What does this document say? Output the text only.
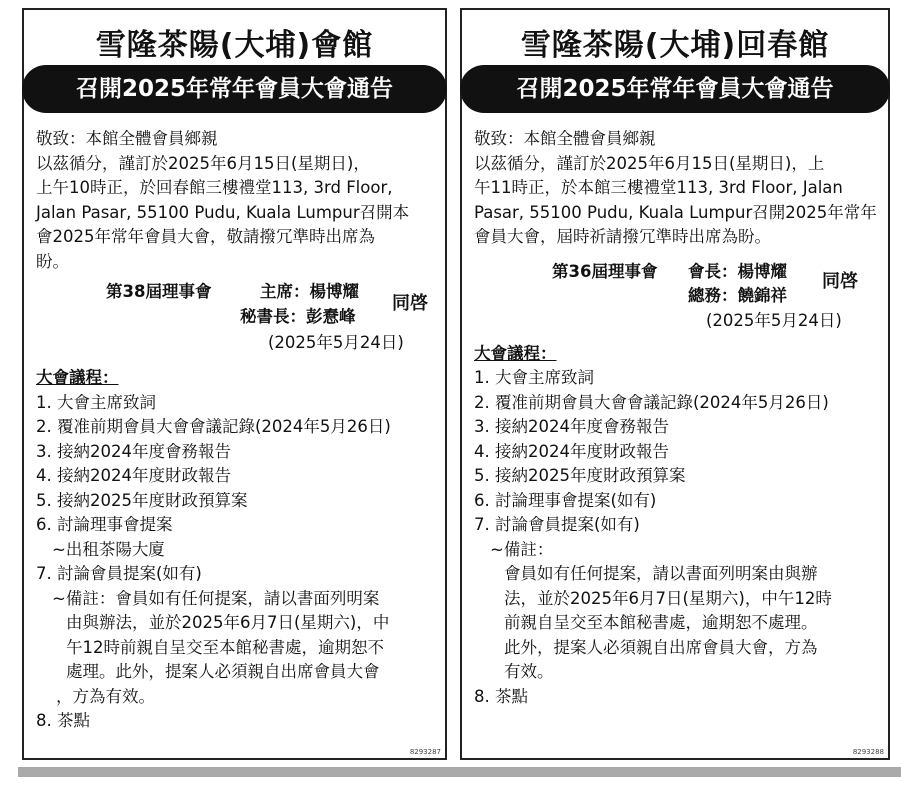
雪隆茶陽(大埔)會館
召開2025年常年會員大會通告

敬致：本館全體會員鄉親

以茲循分，謹訂於2025年6月15日(星期日)，

上午10時正，於回春館三樓禮堂113, 3rd Floor,

Jalan Pasar, 55100 Pudu, Kuala Lumpur召開本

會2025年常年會員大會，敬請撥冗準時出席為

盼。

第38屆理事會	主席：楊博耀
秘書長：彭憃峰
同啓
(2025年5月24日)
大會議程：

1. 大會主席致詞

2. 覆准前期會員大會會議記錄(2024年5月26日)

3. 接納2024年度會務報告

4. 接納2024年度財政報告

5. 接納2025年度財政預算案

6. 討論理事會提案

~出租茶陽大廈

7. 討論會員提案(如有)

~備註：會員如有任何提案，請以書面列明案

由與辦法，並於2025年6月7日(星期六)，中

午12時前親自呈交至本館秘書處，逾期恕不

處理。此外，提案人必須親自出席會員大會

，方為有效。

8. 茶點

8293287
雪隆茶陽(大埔)回春館
召開2025年常年會員大會通告

敬致：本館全體會員鄉親

以茲循分，謹訂於2025年6月15日(星期日)，上

午11時正，於本館三樓禮堂113, 3rd Floor, Jalan

Pasar, 55100 Pudu, Kuala Lumpur召開2025年常年

會員大會，屆時祈請撥冗準時出席為盼。

第36屆理事會 會長：楊博耀
總務：饒錦祥
同啓
(2025年5月24日)
大會議程：

1. 大會主席致詞

2. 覆准前期會員大會會議記錄(2024年5月26日)

3. 接納2024年度會務報告

4. 接納2024年度財政報告

5. 接納2025年度財政預算案

6. 討論理事會提案(如有)

7. 討論會員提案(如有)

~備註：

會員如有任何提案，請以書面列明案由與辦

法，並於2025年6月7日(星期六)，中午12時

前親自呈交至本館秘書處，逾期恕不處理。

此外，提案人必須親自出席會員大會，方為

有效。

8. 茶點

8293288
